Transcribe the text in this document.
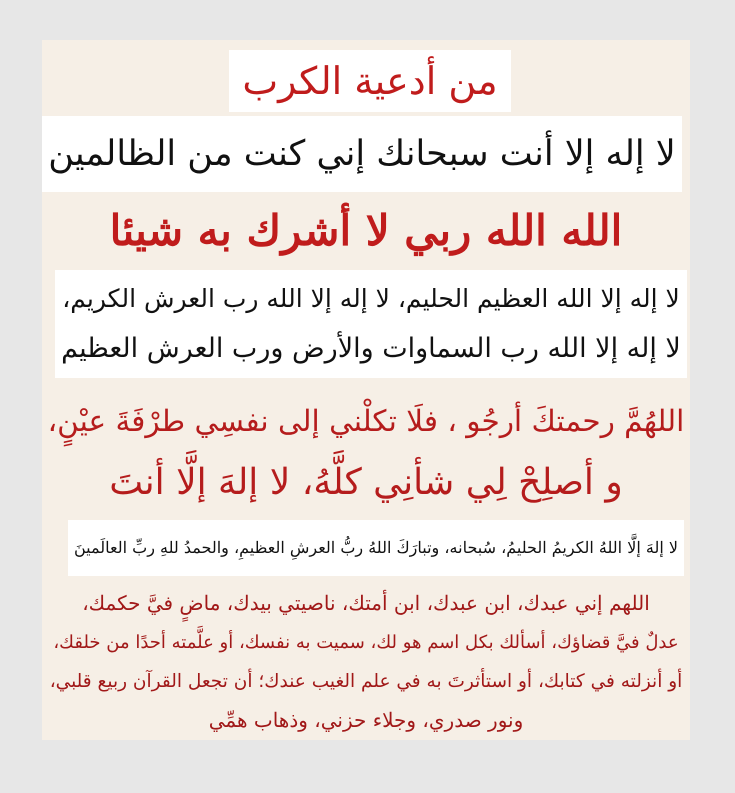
من أدعية الكرب
لا إله إلا أنت سبحانك إني كنت من الظالمين
الله الله ربي لا أشرك به شيئا
لا إله إلا الله العظيم الحليم، لا إله إلا الله رب العرش الكريم،
لا إله إلا الله رب السماوات والأرض ورب العرش العظيم
اللهُمَّ رحمتكَ أرجُو ، فلَا تكلْني إلى نفسِي طرْفَةَ عيْنٍ،
و أصلِحْ لِي شأنِي كلَّهُ، لا إلهَ إلَّا أنتَ
لا إلهَ إلَّا اللهُ الكريمُ الحليمُ، سُبحانه، وتبارَكَ اللهُ ربُّ العرشِ العظيمِ، والحمدُ للهِ ربِّ العالَمينَ
اللهم إني عبدك، ابن عبدك، ابن أمتك، ناصيتي بيدك، ماضٍ فيَّ حكمك،
عدلٌ فيَّ قضاؤك، أسألك بكل اسم هو لك، سميت به نفسك، أو علَّمته أحدًا من خلقك،
أو أنزلته في كتابك، أو استأثرتَ به في علم الغيب عندك؛ أن تجعل القرآن ربيع قلبي،
ونور صدري، وجلاء حزني، وذهاب همِّي
